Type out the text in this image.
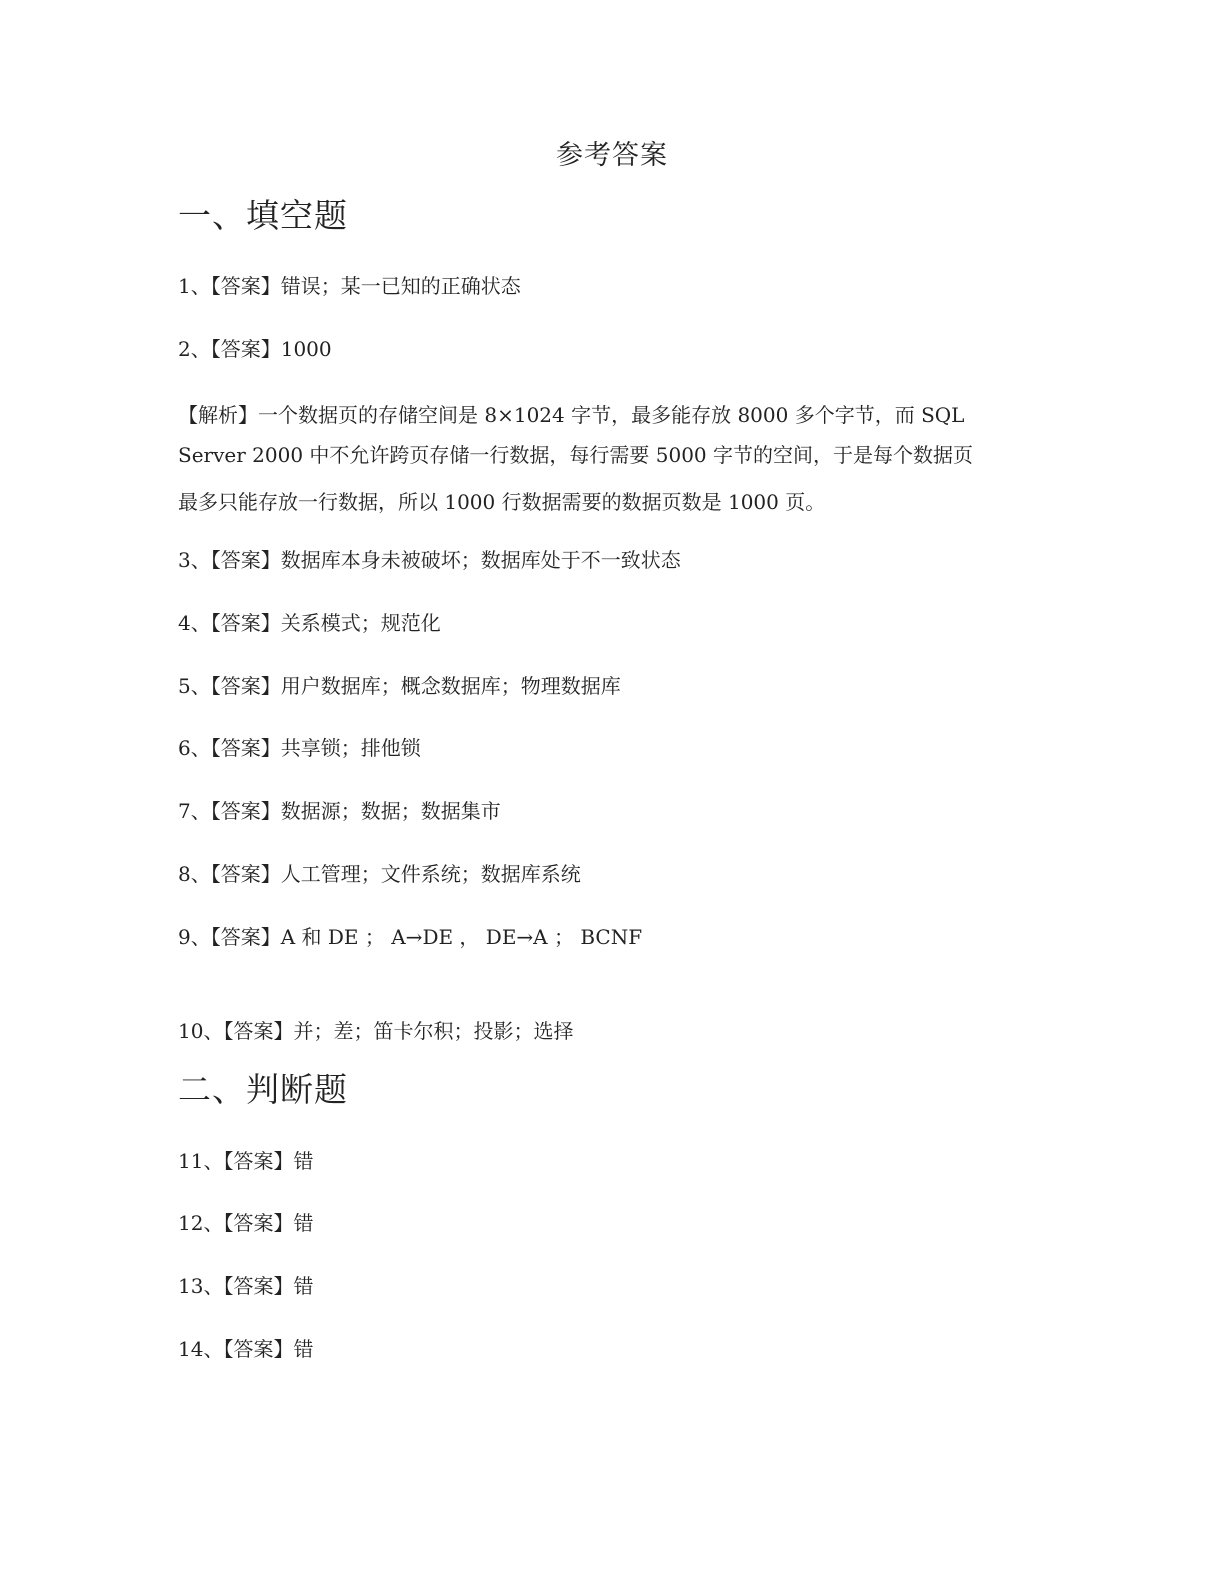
参考答案
一、填空题
1、【答案】错误；某一已知的正确状态
2、【答案】1000
【解析】一个数据页的存储空间是 8×1024 字节，最多能存放 8000 多个字节，而 SQL
Server 2000 中不允许跨页存储一行数据，每行需要 5000 字节的空间，于是每个数据页
最多只能存放一行数据，所以 1000 行数据需要的数据页数是 1000 页。
3、【答案】数据库本身未被破坏；数据库处于不一致状态
4、【答案】关系模式；规范化
5、【答案】用户数据库；概念数据库；物理数据库
6、【答案】共享锁；排他锁
7、【答案】数据源；数据；数据集市
8、【答案】人工管理；文件系统；数据库系统
9、【答案】A 和 DE ； A→DE ， DE→A ； BCNF
10、【答案】并；差；笛卡尔积；投影；选择
二、判断题
11、【答案】错
12、【答案】错
13、【答案】错
14、【答案】错
